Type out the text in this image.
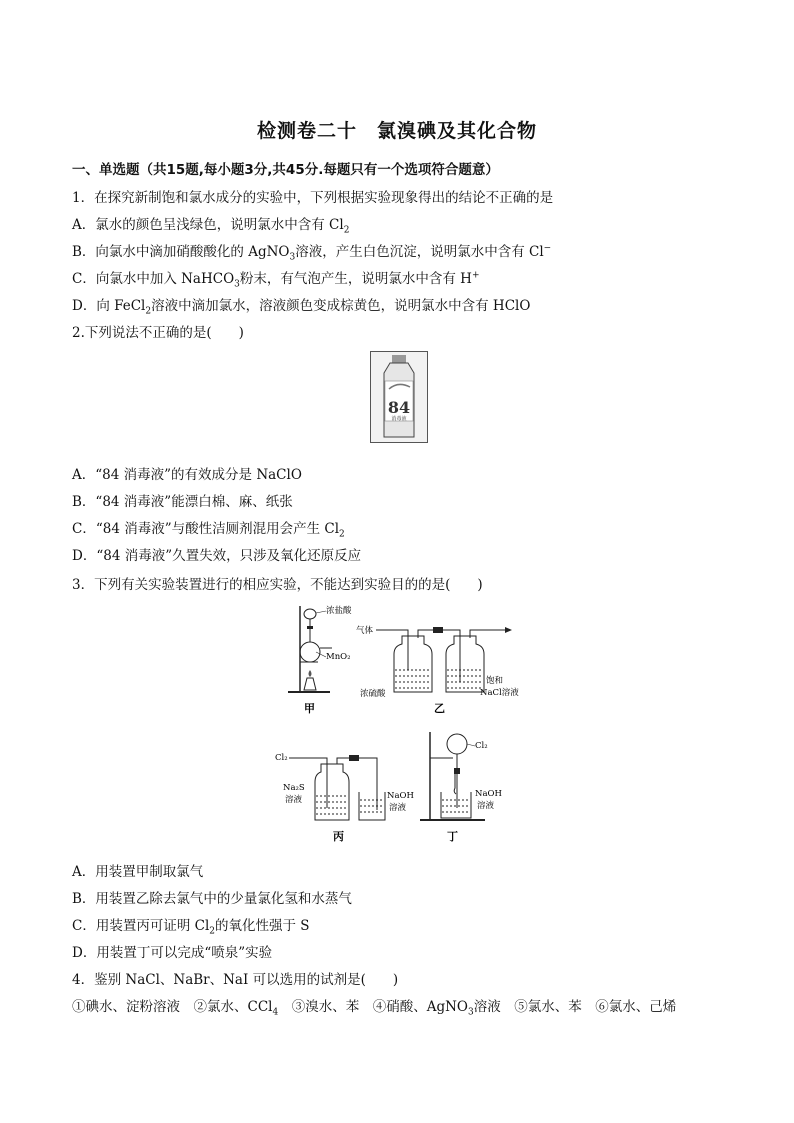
检测卷二十　氯溴碘及其化合物
一、单选题（共15题,每小题3分,共45分.每题只有一个选项符合题意）
1．在探究新制饱和氯水成分的实验中，下列根据实验现象得出的结论不正确的是
A．氯水的颜色呈浅绿色，说明氯水中含有 $Cl_2$
B．向氯水中滴加硝酸酸化的 AgNO$_3$溶液，产生白色沉淀，说明氯水中含有 Cl−
C．向氯水中加入 NaHCO$_3$粉末，有气泡产生，说明氯水中含有 H+
D．向 FeCl$_2$溶液中滴加氯水，溶液颜色变成棕黄色，说明氯水中含有 HClO
2.下列说法不正确的是(　　)
84
消毒液
A．“84 消毒液”的有效成分是 NaClO
B．“84 消毒液”能漂白棉、麻、纸张
C．“84 消毒液”与酸性洁厕剂混用会产生 $Cl_2$
D．“84 消毒液”久置失效，只涉及氧化还原反应
3．下列有关实验装置进行的相应实验，不能达到实验目的的是(　　)
浓盐酸
MnO₂
甲
气体
浓硫酸
饱和
NaCl溶液
乙
Cl₂
Na₂S
溶液	NaOH
溶液
丙
Cl₂
NaOH
溶液
丁
A．用装置甲制取氯气
B．用装置乙除去氯气中的少量氯化氢和水蒸气
C．用装置丙可证明 $Cl_2$的氧化性强于 S
D．用装置丁可以完成“喷泉”实验
4．鉴别 NaCl、NaBr、NaI 可以选用的试剂是(　　)
①碘水、淀粉溶液　②氯水、CCl$_4$　③溴水、苯　④硝酸、AgNO$_3$溶液　⑤氯水、苯　⑥氯水、己烯
